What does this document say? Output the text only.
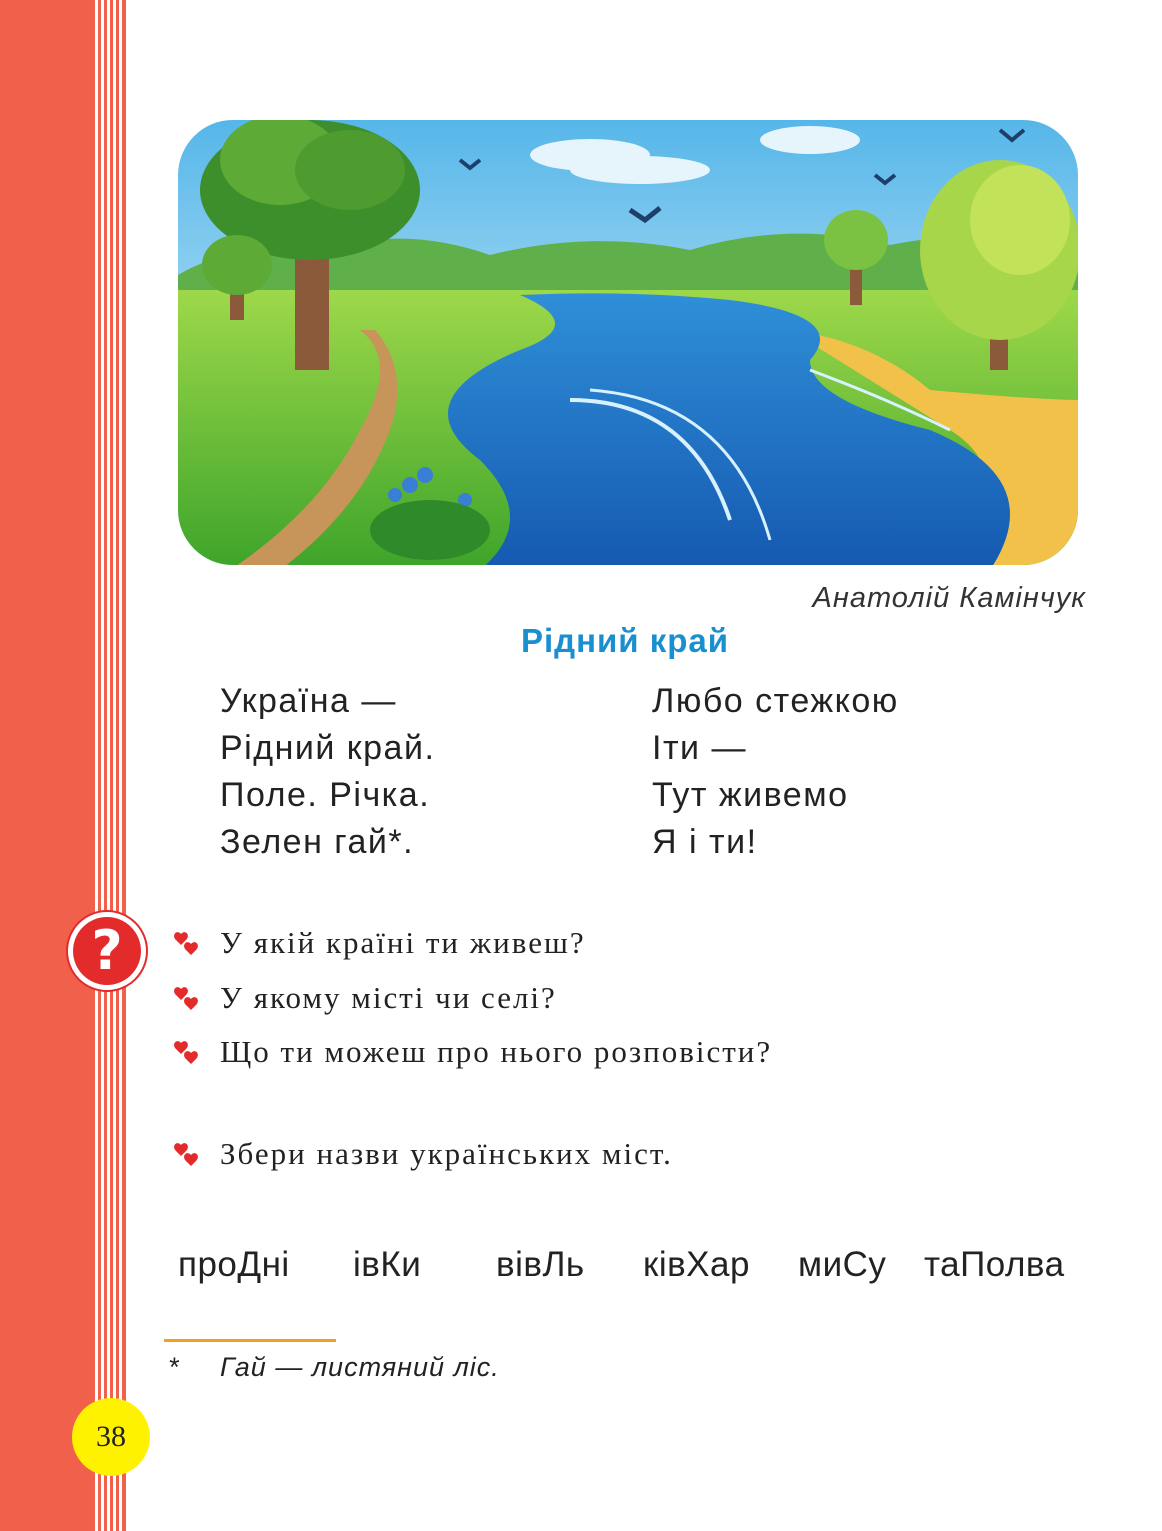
Анатолій Камінчук
Рідний край
Україна —
Рідний край.
Поле. Річка.
Зелен гай*.
Любо стежкою
Іти —
Тут живемо
Я і ти!
?	У якій країні ти живеш?
У якому місті чи селі?
Що ти можеш про нього розповісти?
Збери назви українських міст.
проДні івКи вівЛь ківХар миСу таПолва
* Гай — листяний ліс.
38
